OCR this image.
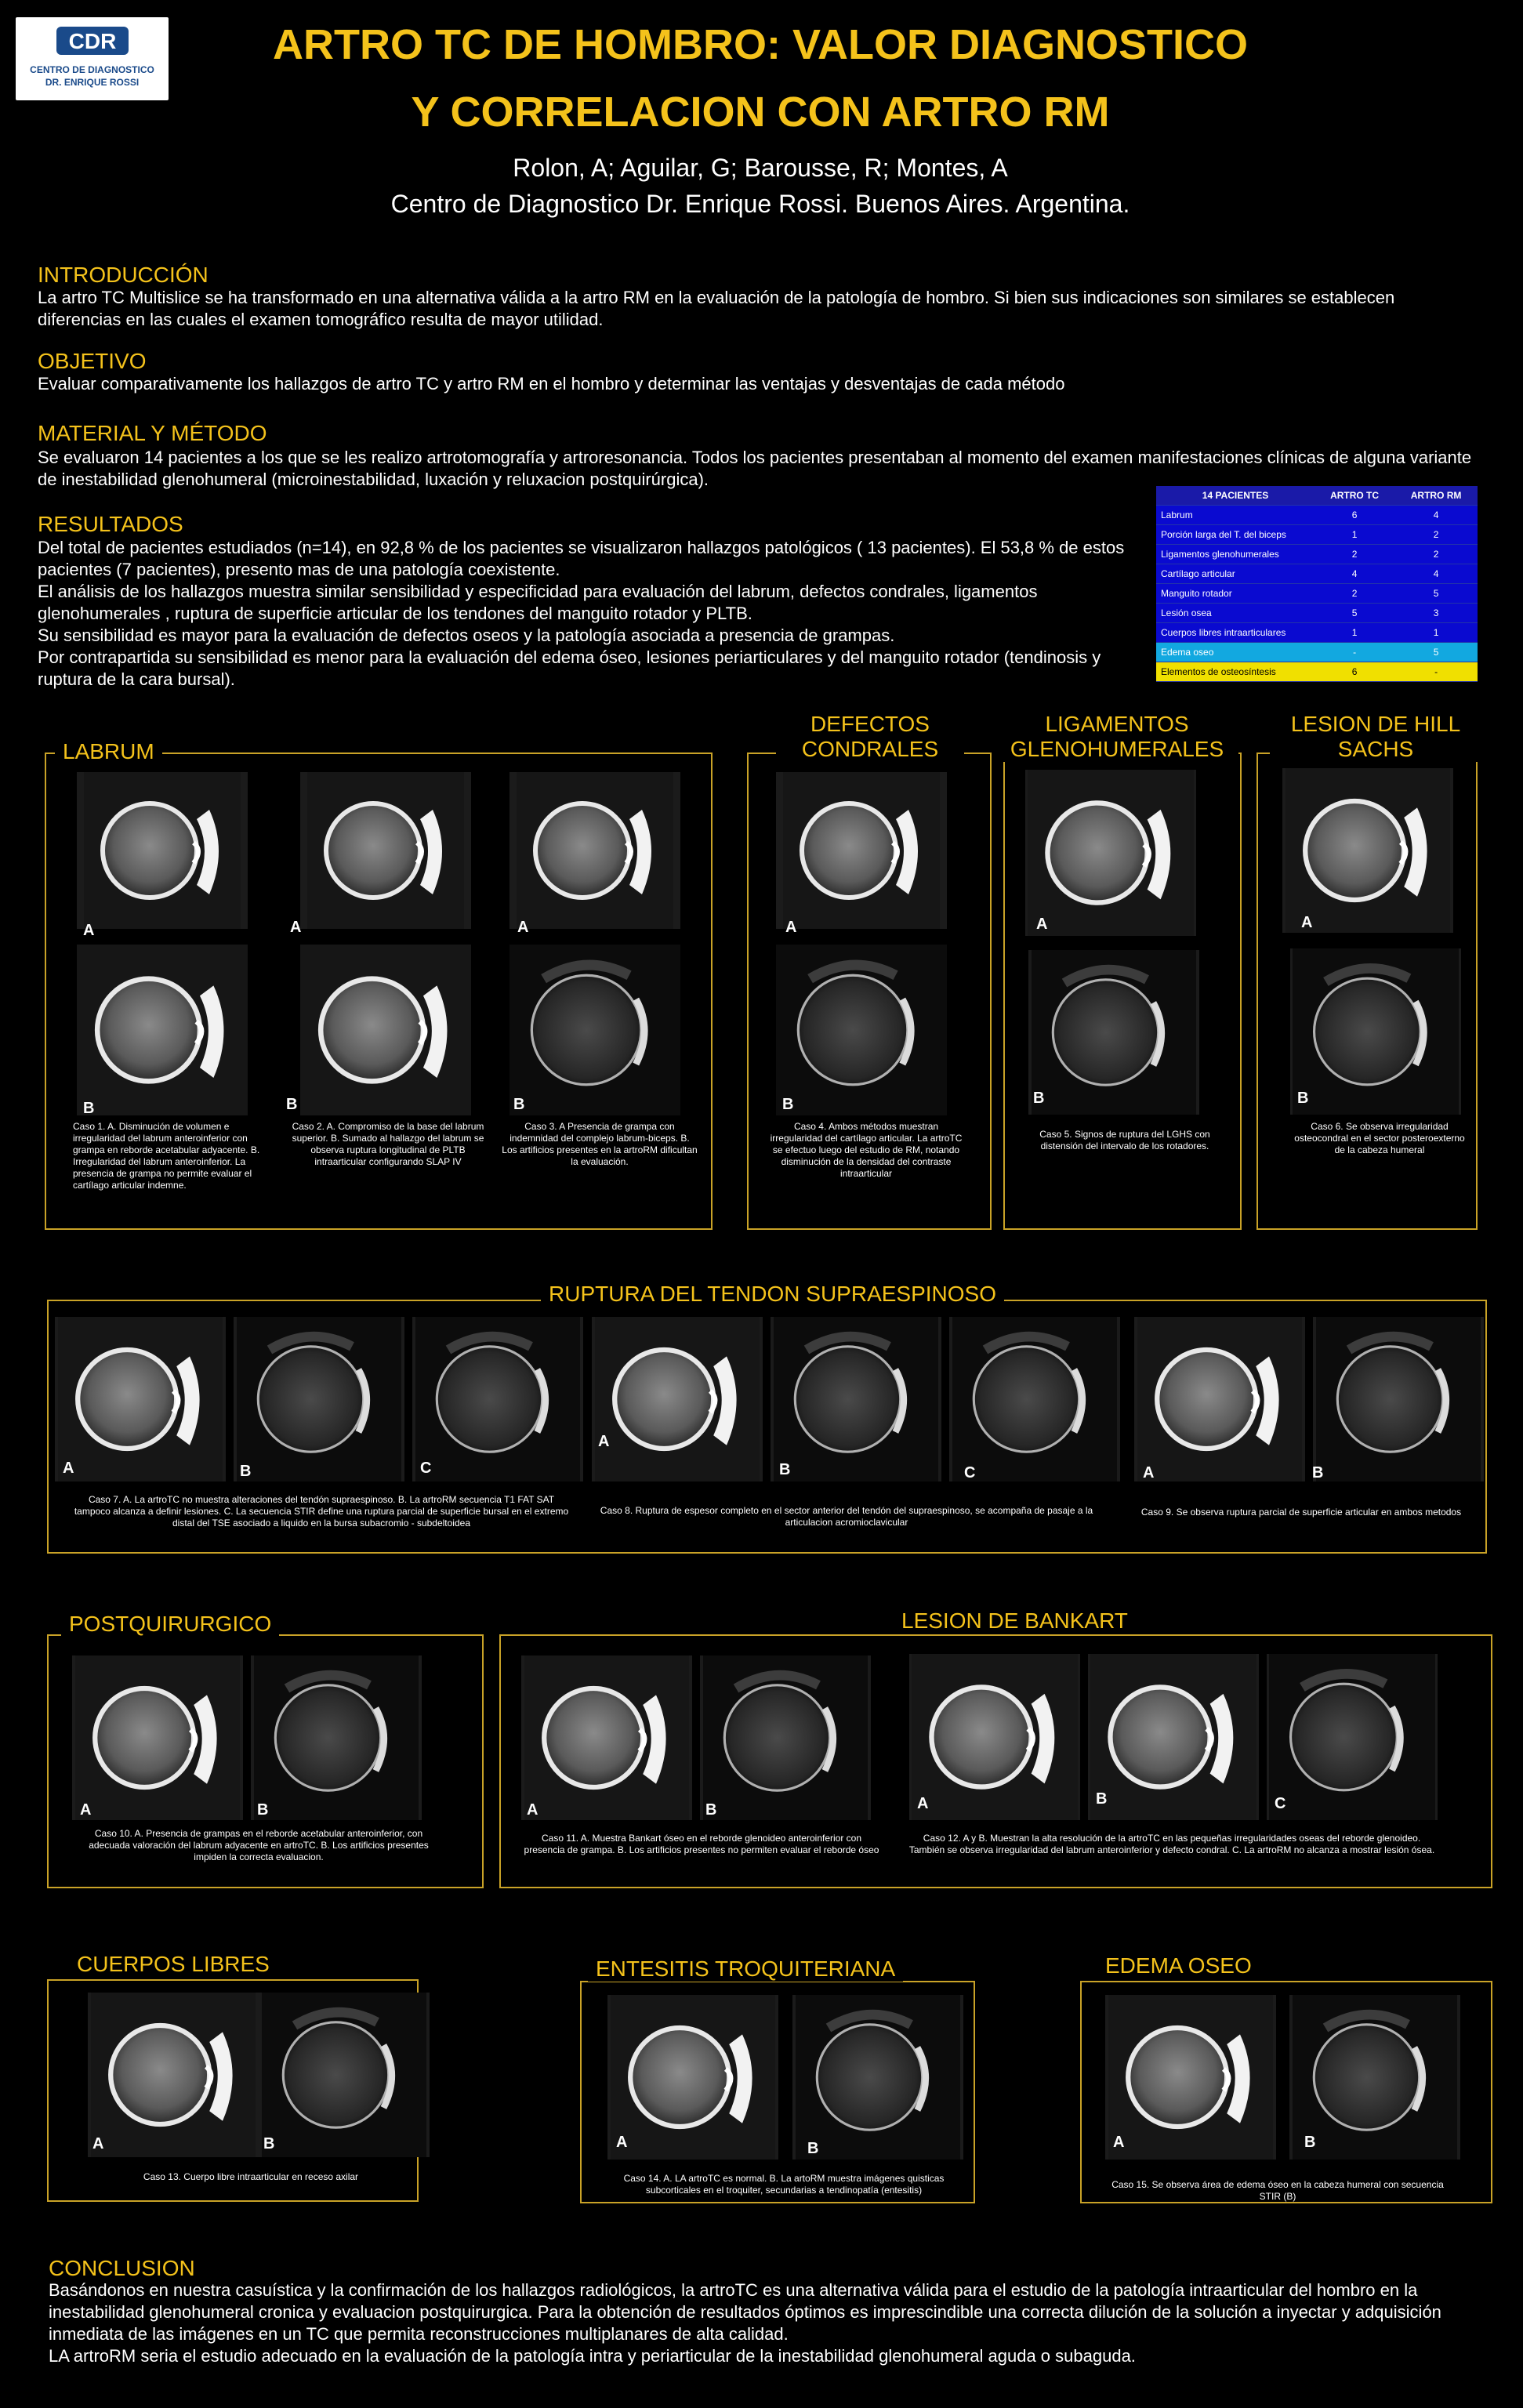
CDR
CENTRO DE DIAGNOSTICO
DR. ENRIQUE ROSSI
ARTRO TC DE HOMBRO: VALOR DIAGNOSTICO
Y CORRELACION CON ARTRO RM
Rolon, A; Aguilar, G; Barousse, R; Montes, A
Centro de Diagnostico Dr. Enrique Rossi. Buenos Aires. Argentina.
INTRODUCCIÓN
La artro TC Multislice se ha transformado en una alternativa válida a la artro RM en la evaluación de la patología de hombro. Si bien sus indicaciones son similares se establecen diferencias en las cuales el examen tomográfico resulta de mayor utilidad.
OBJETIVO
Evaluar comparativamente los hallazgos de artro TC y artro RM en el hombro y determinar las ventajas y desventajas de cada método
MATERIAL Y MÉTODO
Se evaluaron 14 pacientes a los que se les realizo artrotomografía y artroresonancia. Todos los pacientes presentaban al momento del examen manifestaciones clínicas de alguna variante de inestabilidad glenohumeral (microinestabilidad, luxación y reluxacion postquirúrgica).
RESULTADOS
Del total de pacientes estudiados (n=14), en 92,8 % de los pacientes se visualizaron hallazgos patológicos ( 13 pacientes). El 53,8 % de estos pacientes (7 pacientes), presento mas de una patología coexistente.
El análisis de los hallazgos muestra similar sensibilidad y especificidad para evaluación del labrum, defectos condrales, ligamentos glenohumerales , ruptura de superficie articular de los tendones del manguito rotador y PLTB.
Su sensibilidad es mayor para la evaluación de defectos oseos y la patología asociada a presencia de grampas.
Por contrapartida su sensibilidad es menor para la evaluación del edema óseo, lesiones periarticulares y del manguito rotador (tendinosis y ruptura de la cara bursal).
14 PACIENTES	ARTRO TC	ARTRO RM
Labrum	6	4
Porción larga del T. del biceps	1	2
Ligamentos glenohumerales	2	2
Cartílago articular	4	4
Manguito rotador	2	5
Lesión osea	5	3
Cuerpos libres intraarticulares	1	1
Edema oseo	-	5
Elementos de osteosíntesis	6	-
LABRUM
A	A	A
B	B	B
Caso 1. A. Disminución de volumen e irregularidad del labrum anteroinferior con grampa en reborde acetabular adyacente. B. Irregularidad del labrum anteroinferior. La presencia de grampa no permite evaluar el cartílago articular indemne.
Caso 2. A. Compromiso de la base del labrum superior. B. Sumado al hallazgo del labrum se observa ruptura longitudinal de PLTB intraarticular configurando SLAP IV
Caso 3. A Presencia de grampa con indemnidad del complejo labrum-biceps. B. Los artificios presentes en la artroRM dificultan la evaluación.
DEFECTOS
CONDRALES
A
B
Caso 4. Ambos métodos muestran irregularidad del cartílago articular. La artroTC se efectuo luego del estudio de RM, notando disminución de la densidad del contraste intraarticular
LIGAMENTOS
GLENOHUMERALES
A
B
Caso 5. Signos de ruptura del LGHS con distensión del intervalo de los rotadores.
LESION DE HILL
SACHS
A
B
Caso 6. Se observa irregularidad osteocondral en el sector posteroexterno de la cabeza humeral
RUPTURA DEL TENDON SUPRAESPINOSO
A	B	C
A
B	C	A	B
Caso 7. A. La artroTC no muestra alteraciones del tendón supraespinoso. B. La artroRM secuencia T1 FAT SAT tampoco alcanza a definir lesiones. C. La secuencia STIR define una ruptura parcial de superficie bursal en el extremo distal del TSE asociado a liquido en la bursa subacromio - subdeltoidea
Caso 8. Ruptura de espesor completo en el sector anterior del tendón del supraespinoso, se acompaña de pasaje a la articulacion acromioclavicular
Caso 9. Se observa ruptura parcial de superficie articular en ambos metodos
POSTQUIRURGICO
A	B
Caso 10. A. Presencia de grampas en el reborde acetabular anteroinferior, con adecuada valoración del labrum adyacente en artroTC. B. Los artificios presentes impiden la correcta evaluacion.
LESION DE BANKART
A	B	A	B	C
Caso 11. A. Muestra Bankart óseo en el reborde glenoideo anteroinferior con presencia de grampa. B. Los artificios presentes no permiten evaluar el reborde óseo
Caso 12. A y B. Muestran la alta resolución de la artroTC en las pequeñas irregularidades oseas del reborde glenoideo. También se observa irregularidad del labrum anteroinferior y defecto condral. C. La artroRM no alcanza a mostrar lesión ósea.
CUERPOS LIBRES
A	B
Caso 13. Cuerpo libre intraarticular en receso axilar
ENTESITIS TROQUITERIANA
A	B
Caso 14. A. LA artroTC es normal. B. La artoRM muestra imágenes quisticas subcorticales en el troquiter, secundarias a tendinopatía (entesitis)
EDEMA OSEO
A	B
Caso 15. Se observa área de edema óseo en la cabeza humeral con secuencia STIR (B)
CONCLUSION
Basándonos en nuestra casuística y la confirmación de los hallazgos radiológicos, la artroTC es una alternativa válida para el estudio de la patología intraarticular del hombro en la inestabilidad glenohumeral cronica y evaluacion postquirurgica. Para la obtención de resultados óptimos es imprescindible una correcta dilución de la solución a inyectar y adquisición inmediata de las imágenes en un TC que permita reconstrucciones multiplanares de alta calidad.
LA artroRM seria el estudio adecuado en la evaluación de la patología intra y periarticular de la inestabilidad glenohumeral aguda o subaguda.
